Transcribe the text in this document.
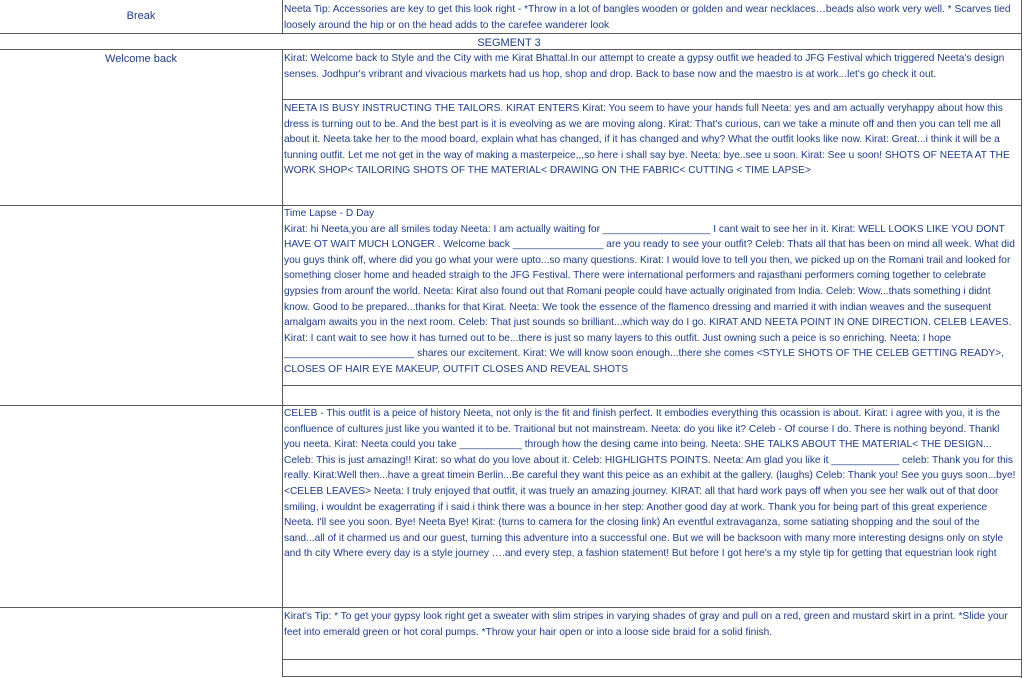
Break
Neeta Tip: Accessories are key to get this look right - *Throw in a lot of bangles wooden or golden and wear necklaces…beads also work very well. * Scarves tied loosely around the hip or on the head adds to the carefee wanderer look
SEGMENT 3
Welcome back	Kirat: Welcome back to Style and the City with me Kirat Bhattal.In our attempt to create a gypsy outfit we headed to JFG Festival which triggered Neeta's design senses. Jodhpur's vribrant and vivacious markets had us hop, shop and drop. Back to base now and the maestro is at work...let's go check it out.
NEETA IS BUSY INSTRUCTING THE TAILORS. KIRAT ENTERS Kirat: You seem to have your hands full Neeta: yes and am actually veryhappy about how this dress is turning out to be. And the best part is it is eveolving as we are moving along. Kirat: That's curious, can we take a minute off and then you can tell me all about it. Neeta take her to the mood board, explain what has changed, if it has changed and why? What the outfit looks like now. Kirat: Great...i think it will be a tunning outfit. Let me not get in the way of making a masterpeice,,,so here i shall say bye. Neeta: bye..see u soon. Kirat: See u soon! SHOTS OF NEETA AT THE WORK SHOP< TAILORING SHOTS OF THE MATERIAL< DRAWING ON THE FABRIC< CUTTING < TIME LAPSE>
Time Lapse - D Day
Kirat: hi Neeta,you are all smiles today Neeta: I am actually waiting for ___________________ I cant wait to see her in it. Kirat: WELL LOOKS LIKE YOU DONT HAVE OT WAIT MUCH LONGER . Welcome back ________________ are you ready to see your outfit? Celeb: Thats all that has been on mind all week. What did you guys think off, where did you go what your were upto...so many questions. Kirat: I would love to tell you then, we picked up on the Romani trail and looked for something closer home and headed straigh to the JFG Festival. There were international performers and rajasthani performers coming together to celebrate gypsies from arounf the world. Neeta: Kirat also found out that Romani people could have actually originated from India. Celeb: Wow...thats something i didnt know. Good to be prepared...thanks for that Kirat. Neeta: We took the essence of the flamenco dressing and married it with indian weaves and the susequent amalgam awaits you in the next room. Celeb: That just sounds so brilliant...which way do I go. KIRAT AND NEETA POINT IN ONE DIRECTION. CELEB LEAVES. Kirat: I cant wait to see how it has turned out to be...there is just so many layers to this outfit. Just owning such a peice is so enriching. Neeta: I hope _______________________ shares our excitement. Kirat: We will know soon enough...there she comes <STYLE SHOTS OF THE CELEB GETTING READY>, CLOSES OF HAIR EYE MAKEUP, OUTFIT CLOSES AND REVEAL SHOTS
CELEB - This outfit is a peice of history Neeta, not only is the fit and finish perfect. It embodies everything this ocassion is about. Kirat: i agree with you, it is the confluence of cultures just like you wanted it to be. Traitional but not mainstream. Neeta: do you like it? Celeb - Of course I do. There is nothing beyond. Thankl you neeta. Kirat: Neeta could you take ___________ through how the desing came into being. Neeta: SHE TALKS ABOUT THE MATERIAL< THE DESIGN... Celeb: This is just amazing!! Kirat: so what do you love about it. Celeb: HIGHLIGHTS POINTS. Neeta: Am glad you like it ____________ celeb: Thank you for this really. Kirat:Well then...have a great timein Berlin...Be careful they want this peice as an exhibit at the gallery. (laughs) Celeb: Thank you! See you guys soon...bye! <CELEB LEAVES> Neeta: I truly enjoyed that outfit, it was truely an amazing journey. KIRAT: all that hard work pays off when you see her walk out of that door smiling, i wouldnt be exagerrating if i said i think there was a bounce in her step: Another good day at work. Thank you for being part of this great experience Neeta. I'll see you soon. Bye! Neeta Bye! Kirat: (turns to camera for the closing link) An eventful extravaganza, some satiating shopping and the soul of the sand...all of it charmed us and our guest, turning this adventure into a successful one. But we will be backsoon with many more interesting designs only on style and th city Where every day is a style journey ….and every step, a fashion statement! But before I got here's a my style tip for getting that equestrian look right
Kirat's Tip: * To get your gypsy look right get a sweater with slim stripes in varying shades of gray and pull on a red, green and mustard skirt in a print. *Slide your feet into emerald green or hot coral pumps. *Throw your hair open or into a loose side braid for a solid finish.
